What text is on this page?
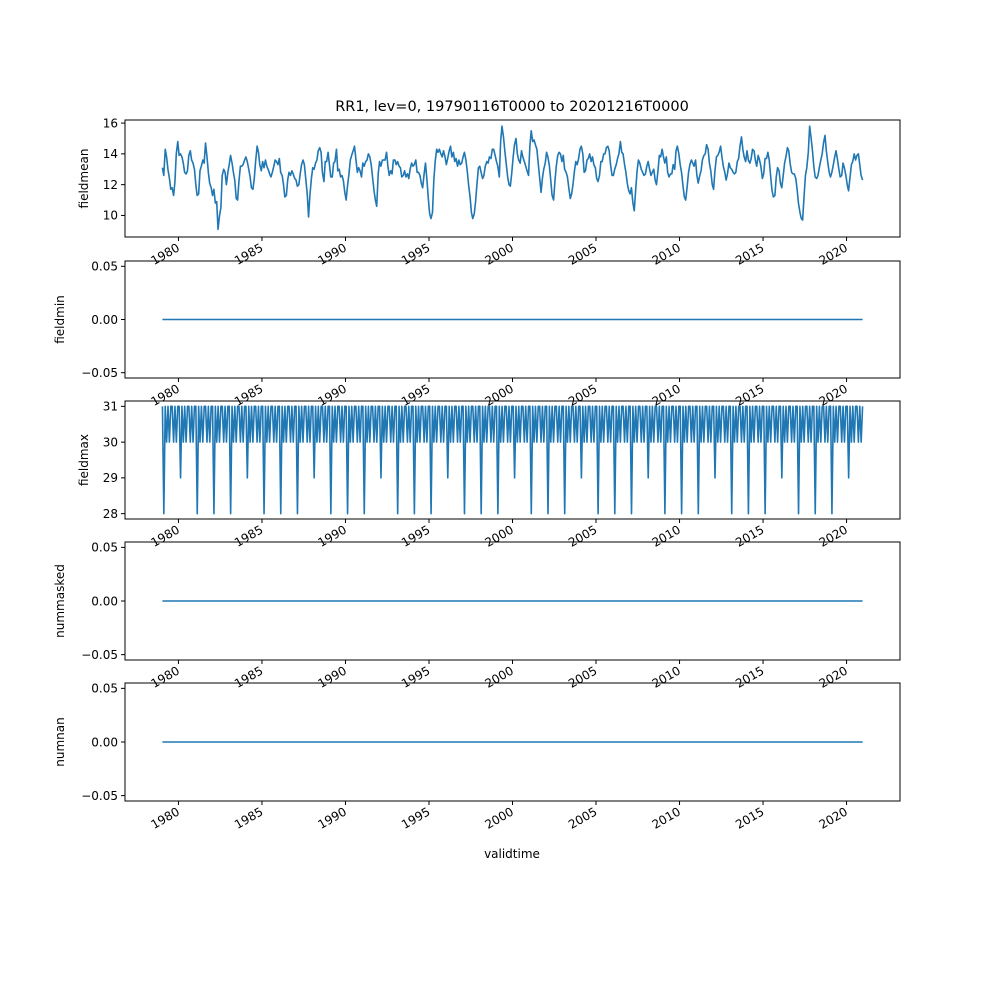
RR1, lev=0, 19790116T0000 to 20201216T0000
10
12
14
16
1980	1985	1990	1995	2000	2005	2010	2015	2020
fieldmean
−0.05
0.00
0.05
1980	1985	1990	1995	2000	2005	2010	2015	2020
fieldmin
28
29
30
31
1980	1985	1990	1995	2000	2005	2010	2015	2020
fieldmax
−0.05
0.00
0.05
1980	1985	1990	1995	2000	2005	2010	2015	2020
nummasked
−0.05
0.00
0.05
1980	1985	1990	1995	2000	2005	2010	2015	2020
numnan
validtime
